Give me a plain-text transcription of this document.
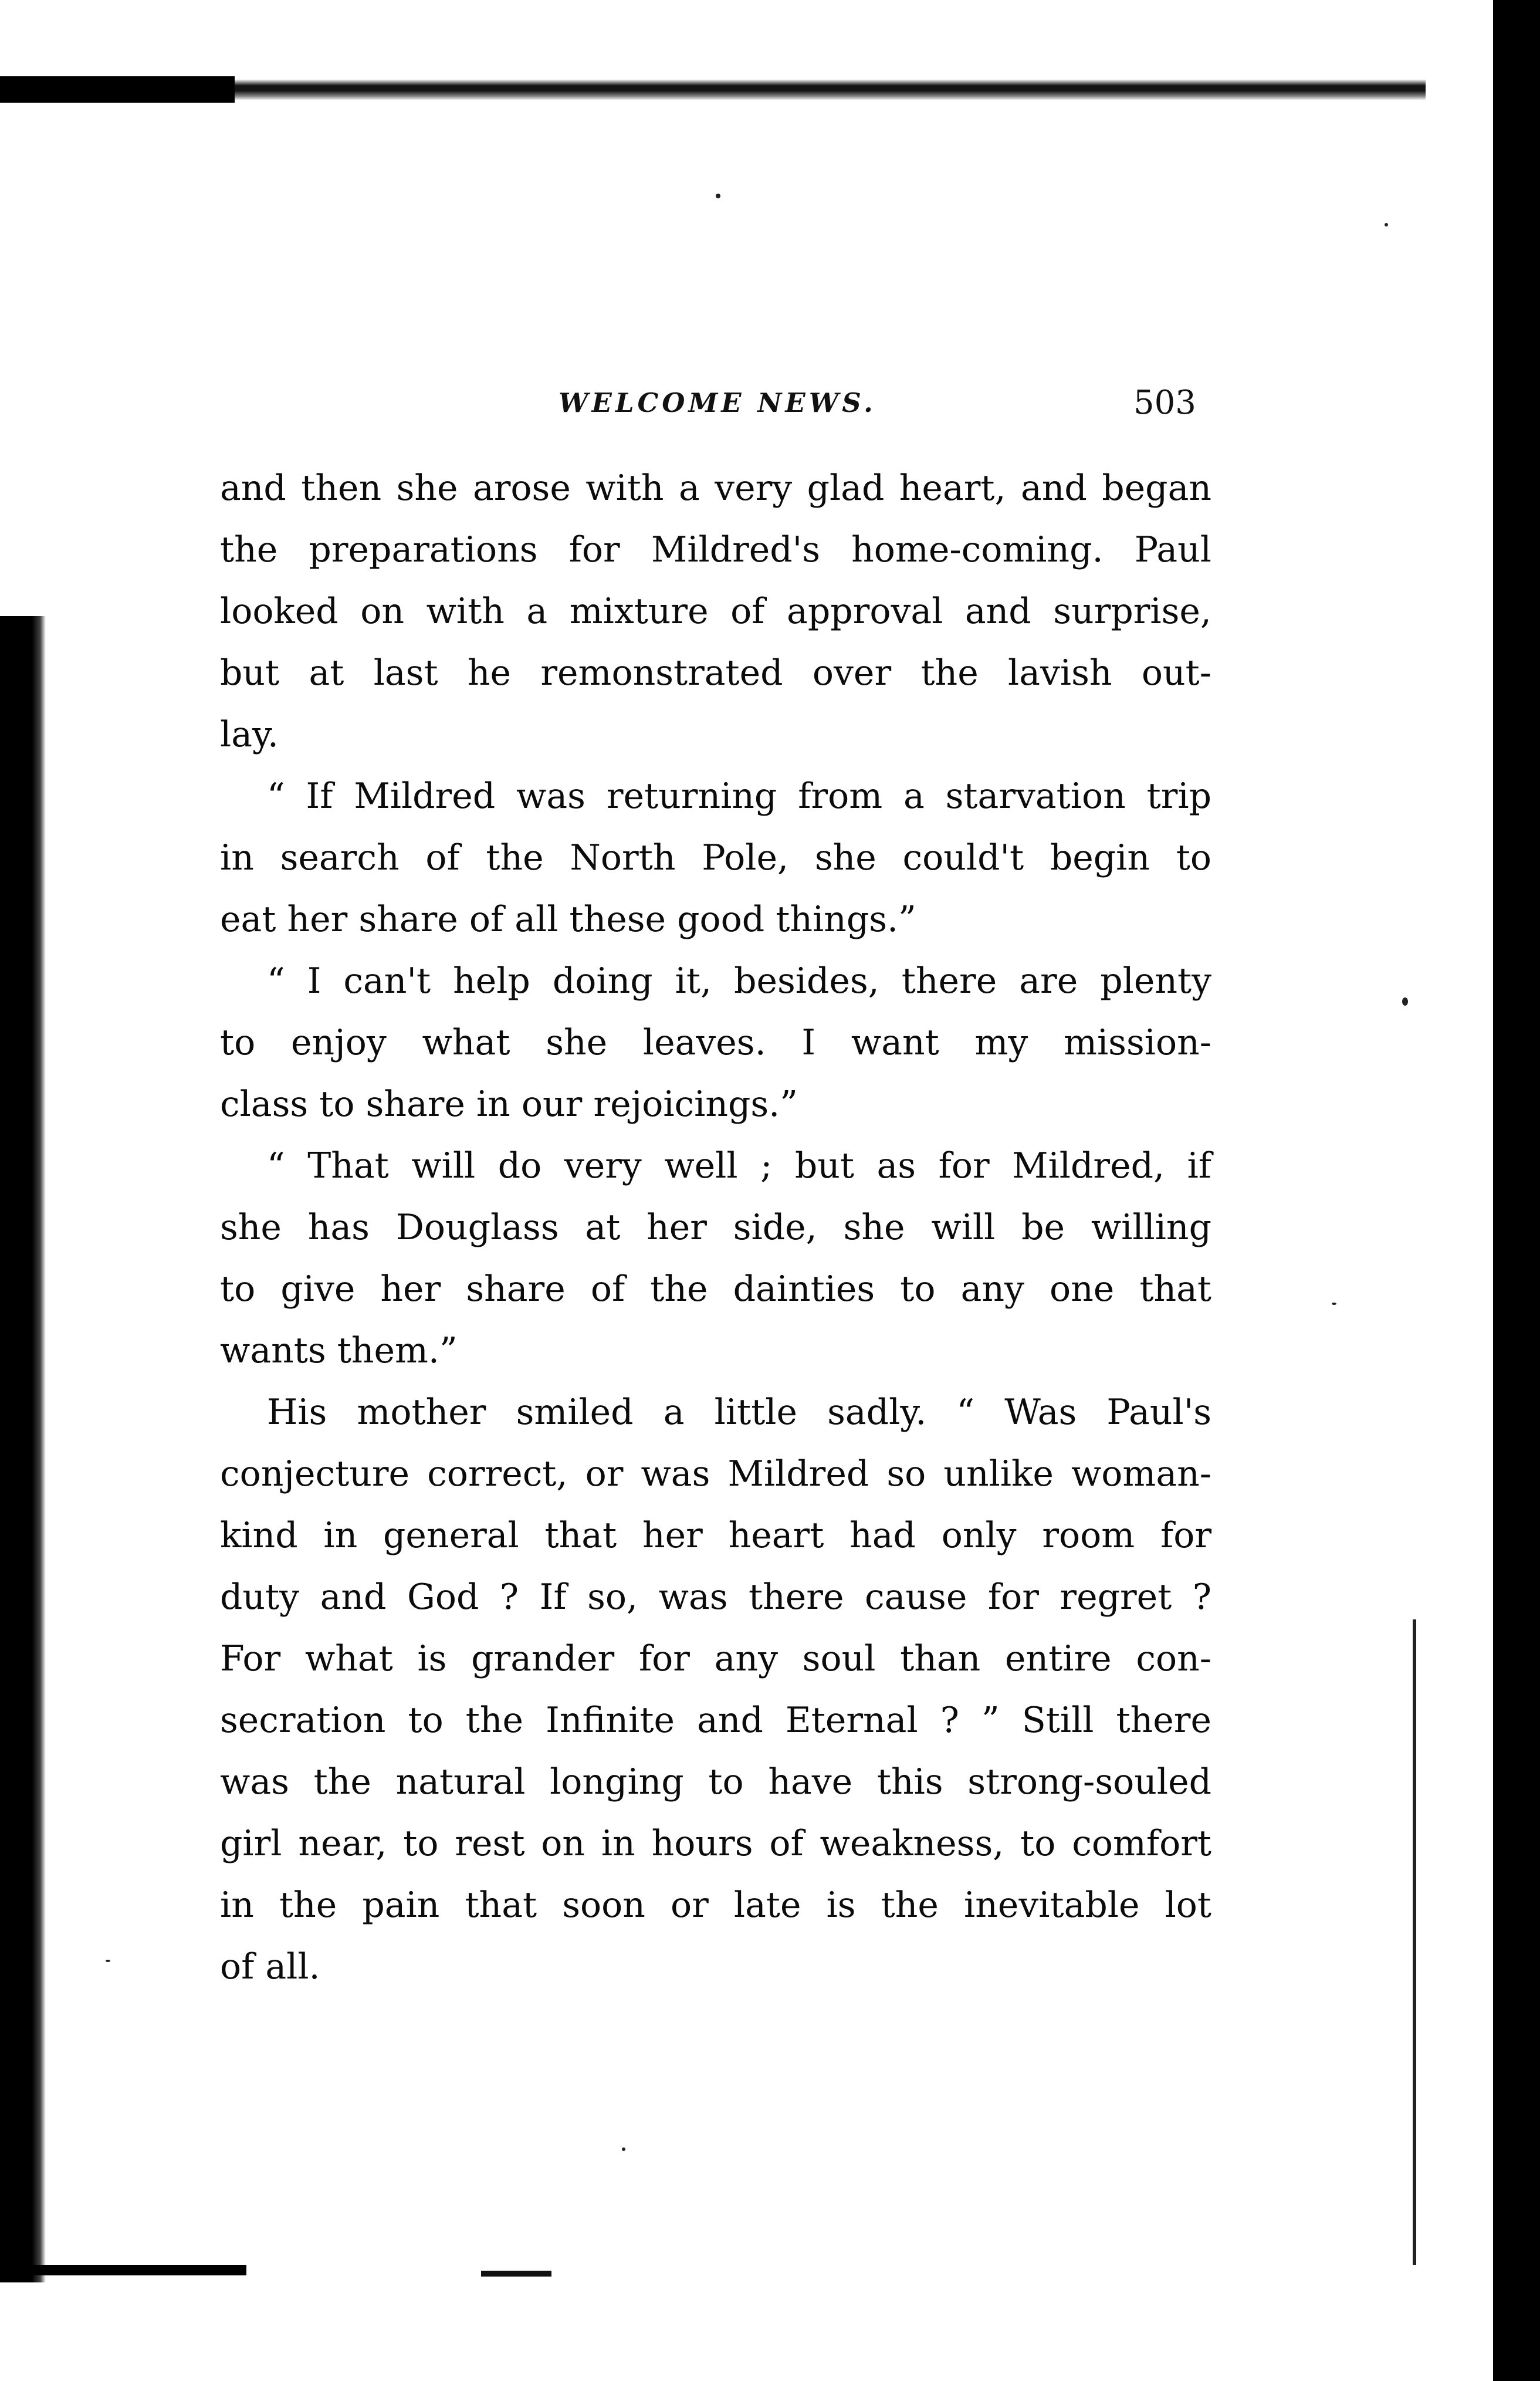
WELCOME NEWS.	503
and then she arose with a very glad heart, and began
the preparations for Mildred's home-coming. Paul
looked on with a mixture of approval and surprise,
but at last he remonstrated over the lavish out-
lay.
“ If Mildred was returning from a starvation trip
in search of the North Pole, she could't begin to
eat her share of all these good things.”
“ I can't help doing it, besides, there are plenty
to enjoy what she leaves. I want my mission-
class to share in our rejoicings.”
“ That will do very well ; but as for Mildred, if
she has Douglass at her side, she will be willing
to give her share of the dainties to any one that
wants them.”
His mother smiled a little sadly. “ Was Paul's
conjecture correct, or was Mildred so unlike woman-
kind in general that her heart had only room for
duty and God ? If so, was there cause for regret ?
For what is grander for any soul than entire con-
secration to the Infinite and Eternal ? ” Still there
was the natural longing to have this strong-souled
girl near, to rest on in hours of weakness, to comfort
in the pain that soon or late is the inevitable lot
of all.
